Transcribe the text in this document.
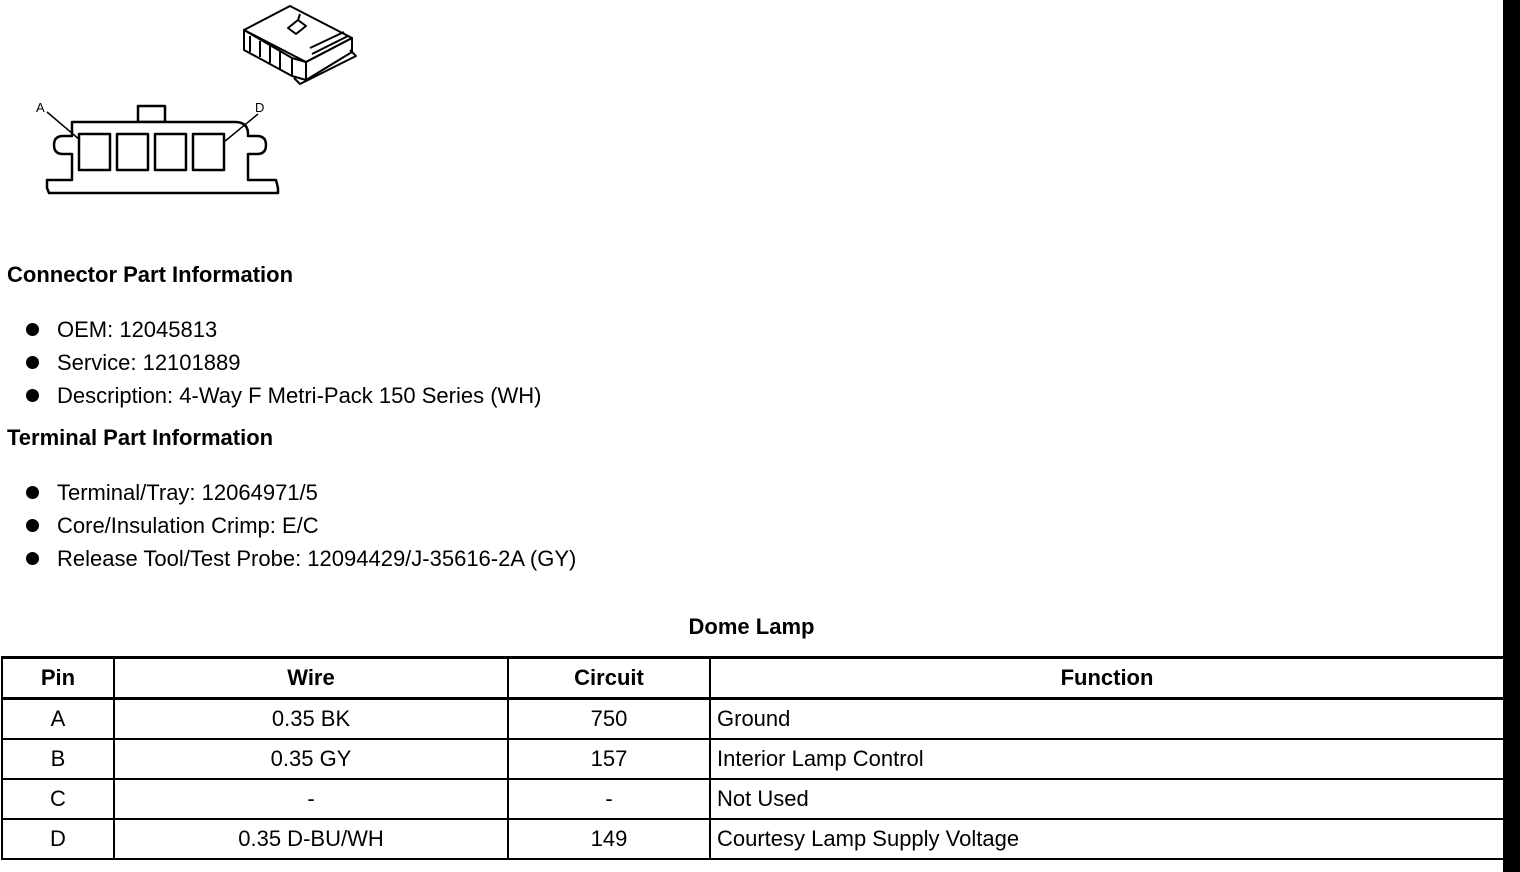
A	D
Connector Part Information
OEM: 12045813
Service: 12101889
Description: 4-Way F Metri-Pack 150 Series (WH)
Terminal Part Information
Terminal/Tray: 12064971/5
Core/Insulation Crimp: E/C
Release Tool/Test Probe: 12094429/J-35616-2A (GY)
Dome Lamp
Pin	Wire	Circuit	Function
A	0.35 BK	750	Ground
B	0.35 GY	157	Interior Lamp Control
C	-	-	Not Used
D	0.35 D-BU/WH	149	Courtesy Lamp Supply Voltage
